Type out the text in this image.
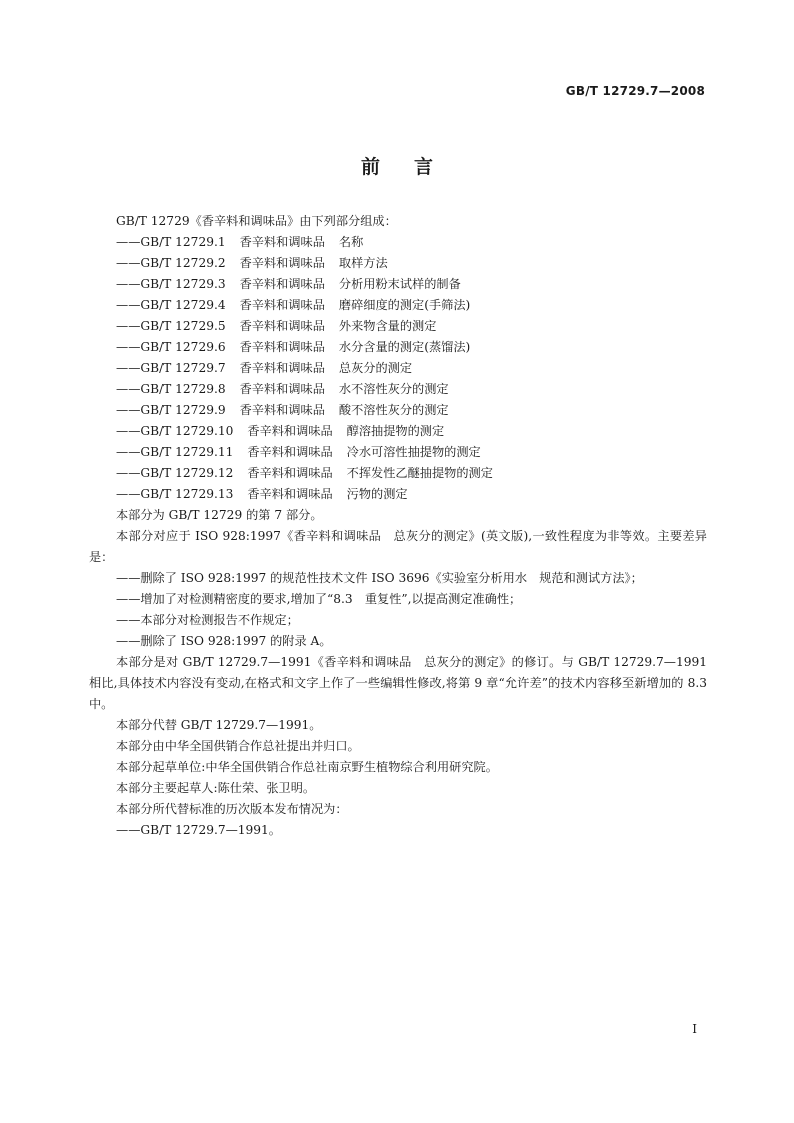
GB/T 12729.7—2008
前言

GB/T 12729《香辛料和调味品》由下列部分组成：

——GB/T 12729.1 香辛料和调味品 名称

——GB/T 12729.2 香辛料和调味品 取样方法

——GB/T 12729.3 香辛料和调味品 分析用粉末试样的制备

——GB/T 12729.4 香辛料和调味品 磨碎细度的测定(手筛法)

——GB/T 12729.5 香辛料和调味品 外来物含量的测定

——GB/T 12729.6 香辛料和调味品 水分含量的测定(蒸馏法)

——GB/T 12729.7 香辛料和调味品 总灰分的测定

——GB/T 12729.8 香辛料和调味品 水不溶性灰分的测定

——GB/T 12729.9 香辛料和调味品 酸不溶性灰分的测定

——GB/T 12729.10 香辛料和调味品 醇溶抽提物的测定

——GB/T 12729.11 香辛料和调味品 冷水可溶性抽提物的测定

——GB/T 12729.12 香辛料和调味品 不挥发性乙醚抽提物的测定

——GB/T 12729.13 香辛料和调味品 污物的测定

本部分为 GB/T 12729 的第 7 部分。

本部分对应于 ISO 928:1997《香辛料和调味品　总灰分的测定》(英文版),一致性程度为非等效。主要差异是：

——删除了 ISO 928:1997 的规范性技术文件 ISO 3696《实验室分析用水　规范和测试方法》；

——增加了对检测精密度的要求,增加了“8.3　重复性”,以提高测定准确性；

——本部分对检测报告不作规定；

——删除了 ISO 928:1997 的附录 A。

本部分是对 GB/T 12729.7—1991《香辛料和调味品　总灰分的测定》的修订。与 GB/T 12729.7—1991 相比,具体技术内容没有变动,在格式和文字上作了一些编辑性修改,将第 9 章“允许差”的技术内容移至新增加的 8.3 中。

本部分代替 GB/T 12729.7—1991。

本部分由中华全国供销合作总社提出并归口。

本部分起草单位:中华全国供销合作总社南京野生植物综合利用研究院。

本部分主要起草人:陈仕荣、张卫明。

本部分所代替标准的历次版本发布情况为：

——GB/T 12729.7—1991。

I
